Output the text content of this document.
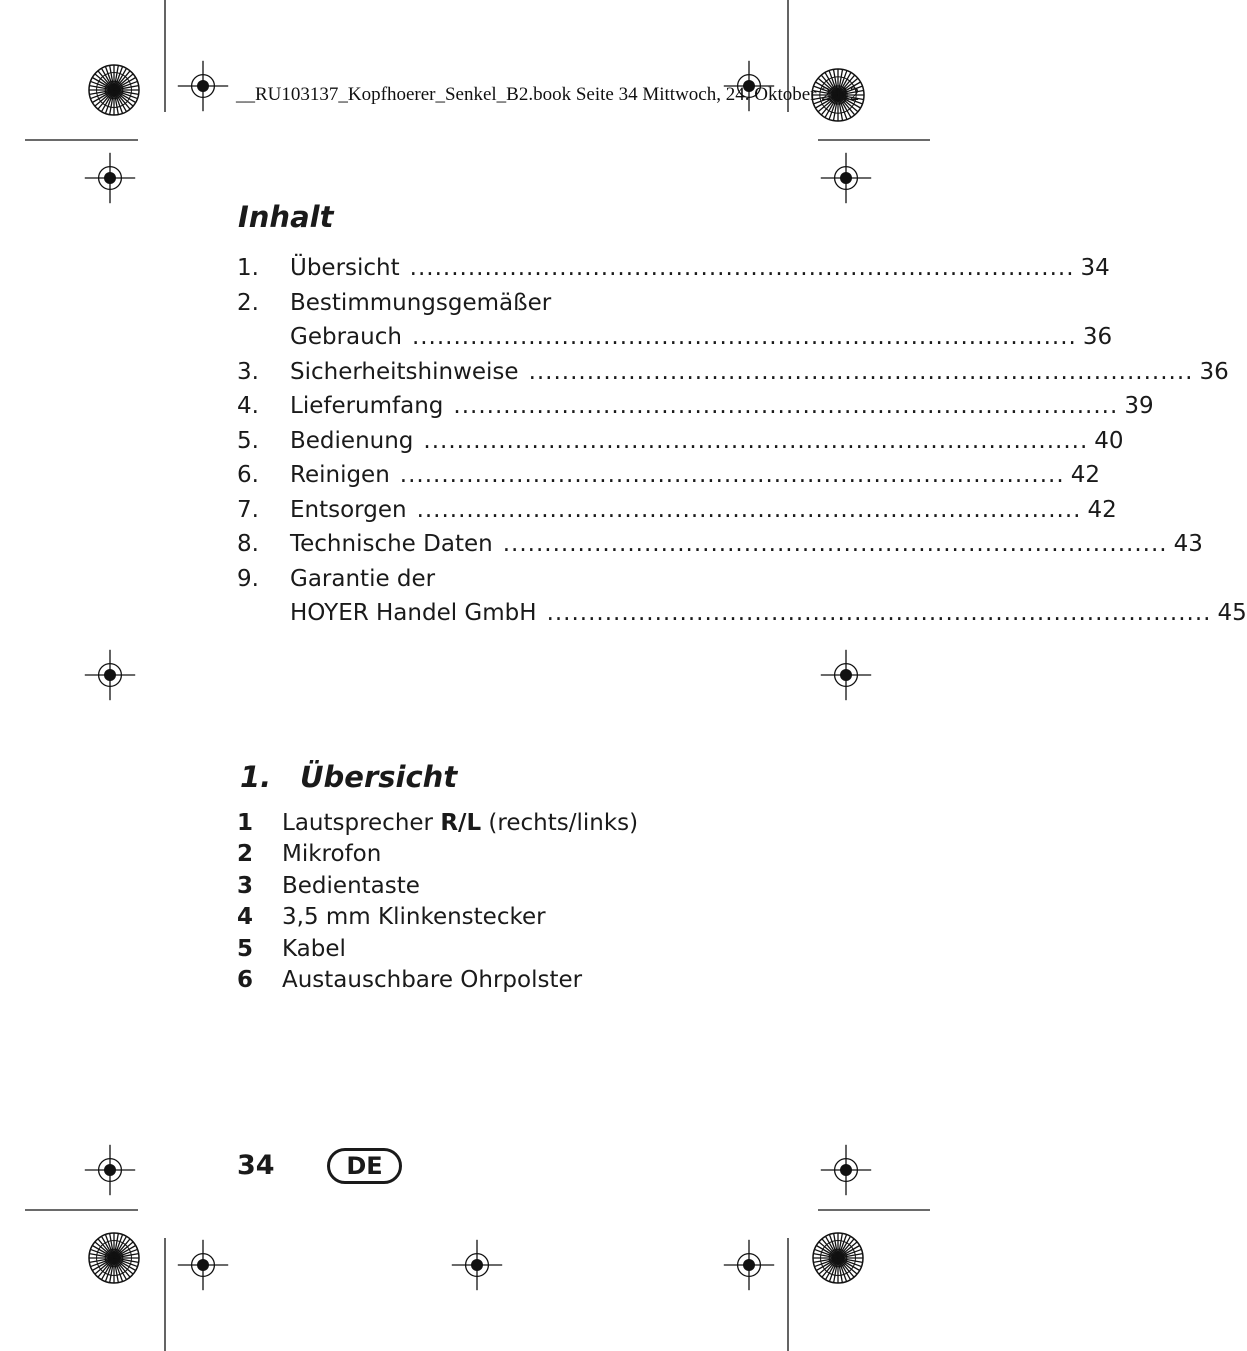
__RU103137_Kopfhoerer_Senkel_B2.book Seite 34 Mittwoch, 24. Oktober 2012
Inhalt
1. Übersicht ................................................................................ 34
2. Bestimmungsgemäßer
Gebrauch ................................................................................ 36
3. Sicherheitshinweise ................................................................................ 36
4. Lieferumfang ................................................................................ 39
5. Bedienung ................................................................................ 40
6. Reinigen ................................................................................ 42
7. Entsorgen ................................................................................ 42
8. Technische Daten ................................................................................ 43
9. Garantie der
HOYER Handel GmbH ................................................................................ 45
1. Übersicht
1 Lautsprecher R/L (rechts/links)
2 Mikrofon
3 Bedientaste
4 3,5 mm Klinkenstecker
5 Kabel
6 Austauschbare Ohrpolster
34	DE
